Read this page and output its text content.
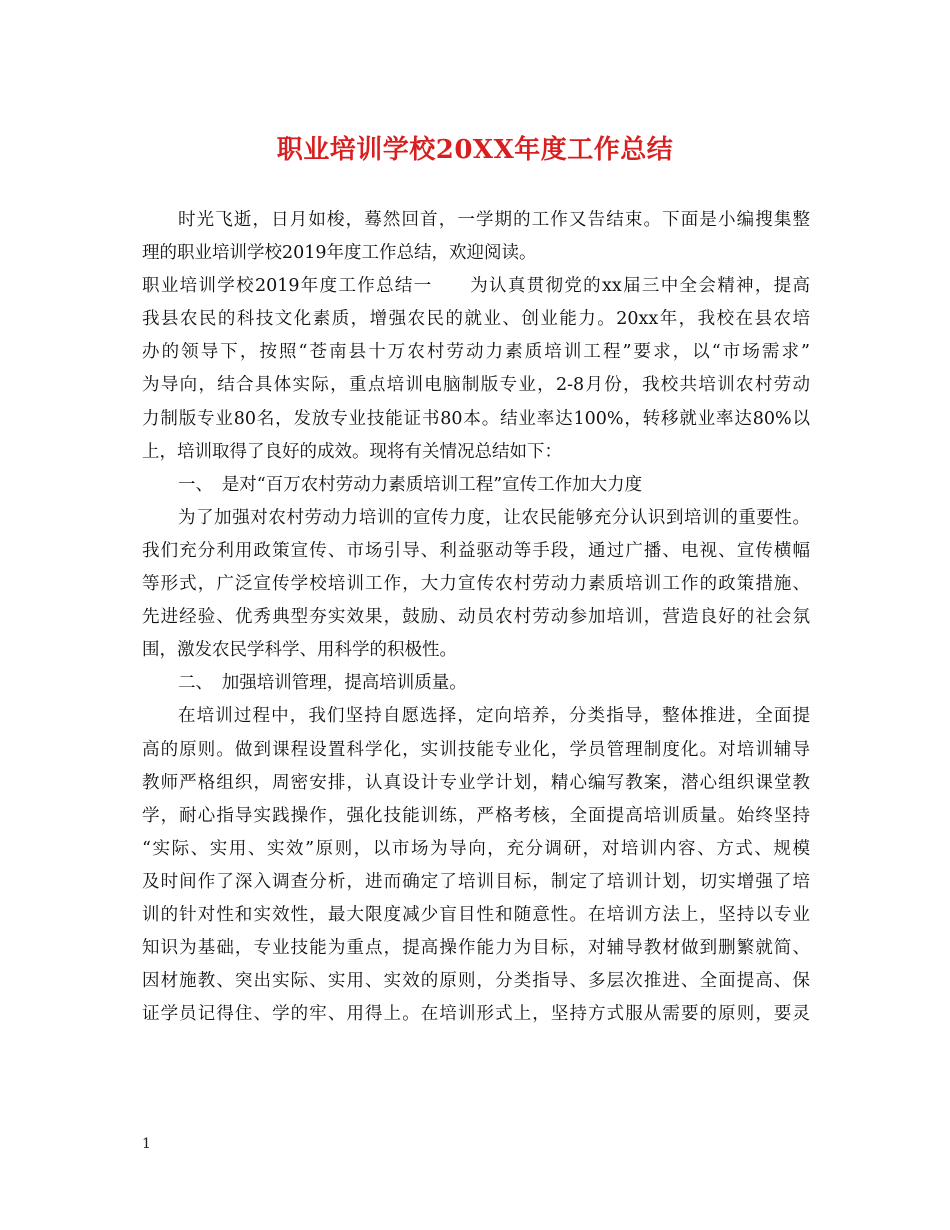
职业培训学校20XX年度工作总结
时光飞逝，日月如梭，蓦然回首，一学期的工作又告结束。下面是小编搜集整
理的职业培训学校2019年度工作总结，欢迎阅读。
职业培训学校2019年度工作总结一　　为认真贯彻党的xx届三中全会精神，提高
我县农民的科技文化素质，增强农民的就业、创业能力。20xx年，我校在县农培
办的领导下，按照“苍南县十万农村劳动力素质培训工程”要求，以“市场需求”
为导向，结合具体实际，重点培训电脑制版专业，2-8月份，我校共培训农村劳动
力制版专业80名，发放专业技能证书80本。结业率达100%，转移就业率达80%以
上，培训取得了良好的成效。现将有关情况总结如下：
一、　是对“百万农村劳动力素质培训工程”宣传工作加大力度
为了加强对农村劳动力培训的宣传力度，让农民能够充分认识到培训的重要性。
我们充分利用政策宣传、市场引导、利益驱动等手段，通过广播、电视、宣传横幅
等形式，广泛宣传学校培训工作，大力宣传农村劳动力素质培训工作的政策措施、
先进经验、优秀典型夯实效果，鼓励、动员农村劳动参加培训，营造良好的社会氛
围，激发农民学科学、用科学的积极性。
二、　加强培训管理，提高培训质量。
在培训过程中，我们坚持自愿选择，定向培养，分类指导，整体推进，全面提
高的原则。做到课程设置科学化，实训技能专业化，学员管理制度化。对培训辅导
教师严格组织，周密安排，认真设计专业学计划，精心编写教案，潜心组织课堂教
学，耐心指导实践操作，强化技能训练，严格考核，全面提高培训质量。始终坚持
“实际、实用、实效”原则，以市场为导向，充分调研，对培训内容、方式、规模
及时间作了深入调查分析，进而确定了培训目标，制定了培训计划，切实增强了培
训的针对性和实效性，最大限度减少盲目性和随意性。在培训方法上，坚持以专业
知识为基础，专业技能为重点，提高操作能力为目标，对辅导教材做到删繁就简、
因材施教、突出实际、实用、实效的原则，分类指导、多层次推进、全面提高、保
证学员记得住、学的牢、用得上。在培训形式上，坚持方式服从需要的原则，要灵
1
